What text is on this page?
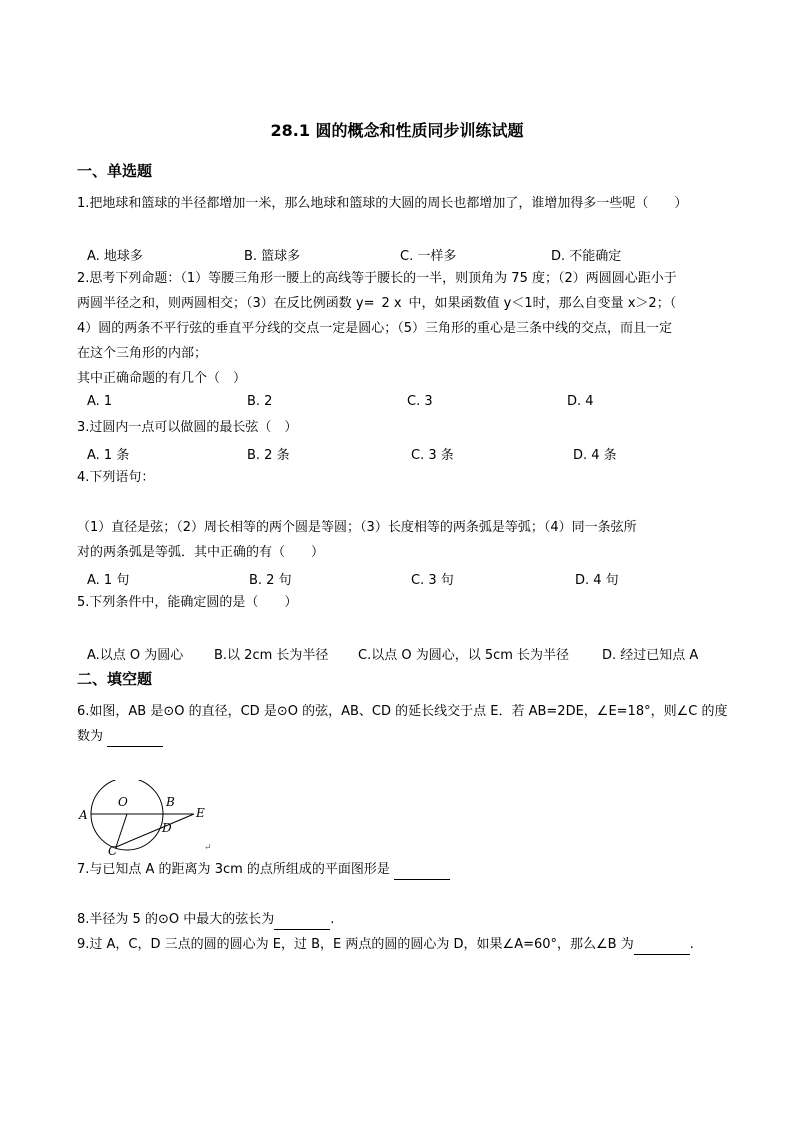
28.1 圆的概念和性质同步训练试题
一、单选题
1.把地球和篮球的半径都增加一米，那么地球和篮球的大圆的周长也都增加了，谁增加得多一些呢（　　）
A. 地球多	B. 篮球多	C. 一样多	D. 不能确定
2.思考下列命题：（1）等腰三角形一腰上的高线等于腰长的一半，则顶角为 75 度；（2）两圆圆心距小于
两圆半径之和，则两圆相交；（3）在反比例函数 y= 2 x 中，如果函数值 y＜1时，那么自变量 x＞2；（
4）圆的两条不平行弦的垂直平分线的交点一定是圆心；（5）三角形的重心是三条中线的交点，而且一定
在这个三角形的内部；
其中正确命题的有几个（　）
A. 1	B. 2	C. 3	D. 4
3.过圆内一点可以做圆的最长弦（　）
A. 1 条	B. 2 条	C. 3 条	D. 4 条
4.下列语句：
（1）直径是弦；（2）周长相等的两个圆是等圆；（3）长度相等的两条弧是等弧；（4）同一条弦所
对的两条弧是等弧．其中正确的有（　　）
A. 1 句	B. 2 句	C. 3 句	D. 4 句
5.下列条件中，能确定圆的是（　　）
A.以点 O 为圆心 B.以 2cm 长为半径 C.以点 O 为圆心，以 5cm 长为半径	D. 经过已知点 A
二、填空题
6.如图，AB 是⊙O 的直径，CD 是⊙O 的弦，AB、CD 的延长线交于点 E．若 AB=2DE，∠E=18°，则∠C 的度
数为
A
O	B
E
C
D
↵
7.与已知点 A 的距离为 3cm 的点所组成的平面图形是
8.半径为 5 的⊙O 中最大的弦长为	.
9.过 A，C，D 三点的圆的圆心为 E，过 B，E 两点的圆的圆心为 D，如果∠A=60°，那么∠B 为	.
